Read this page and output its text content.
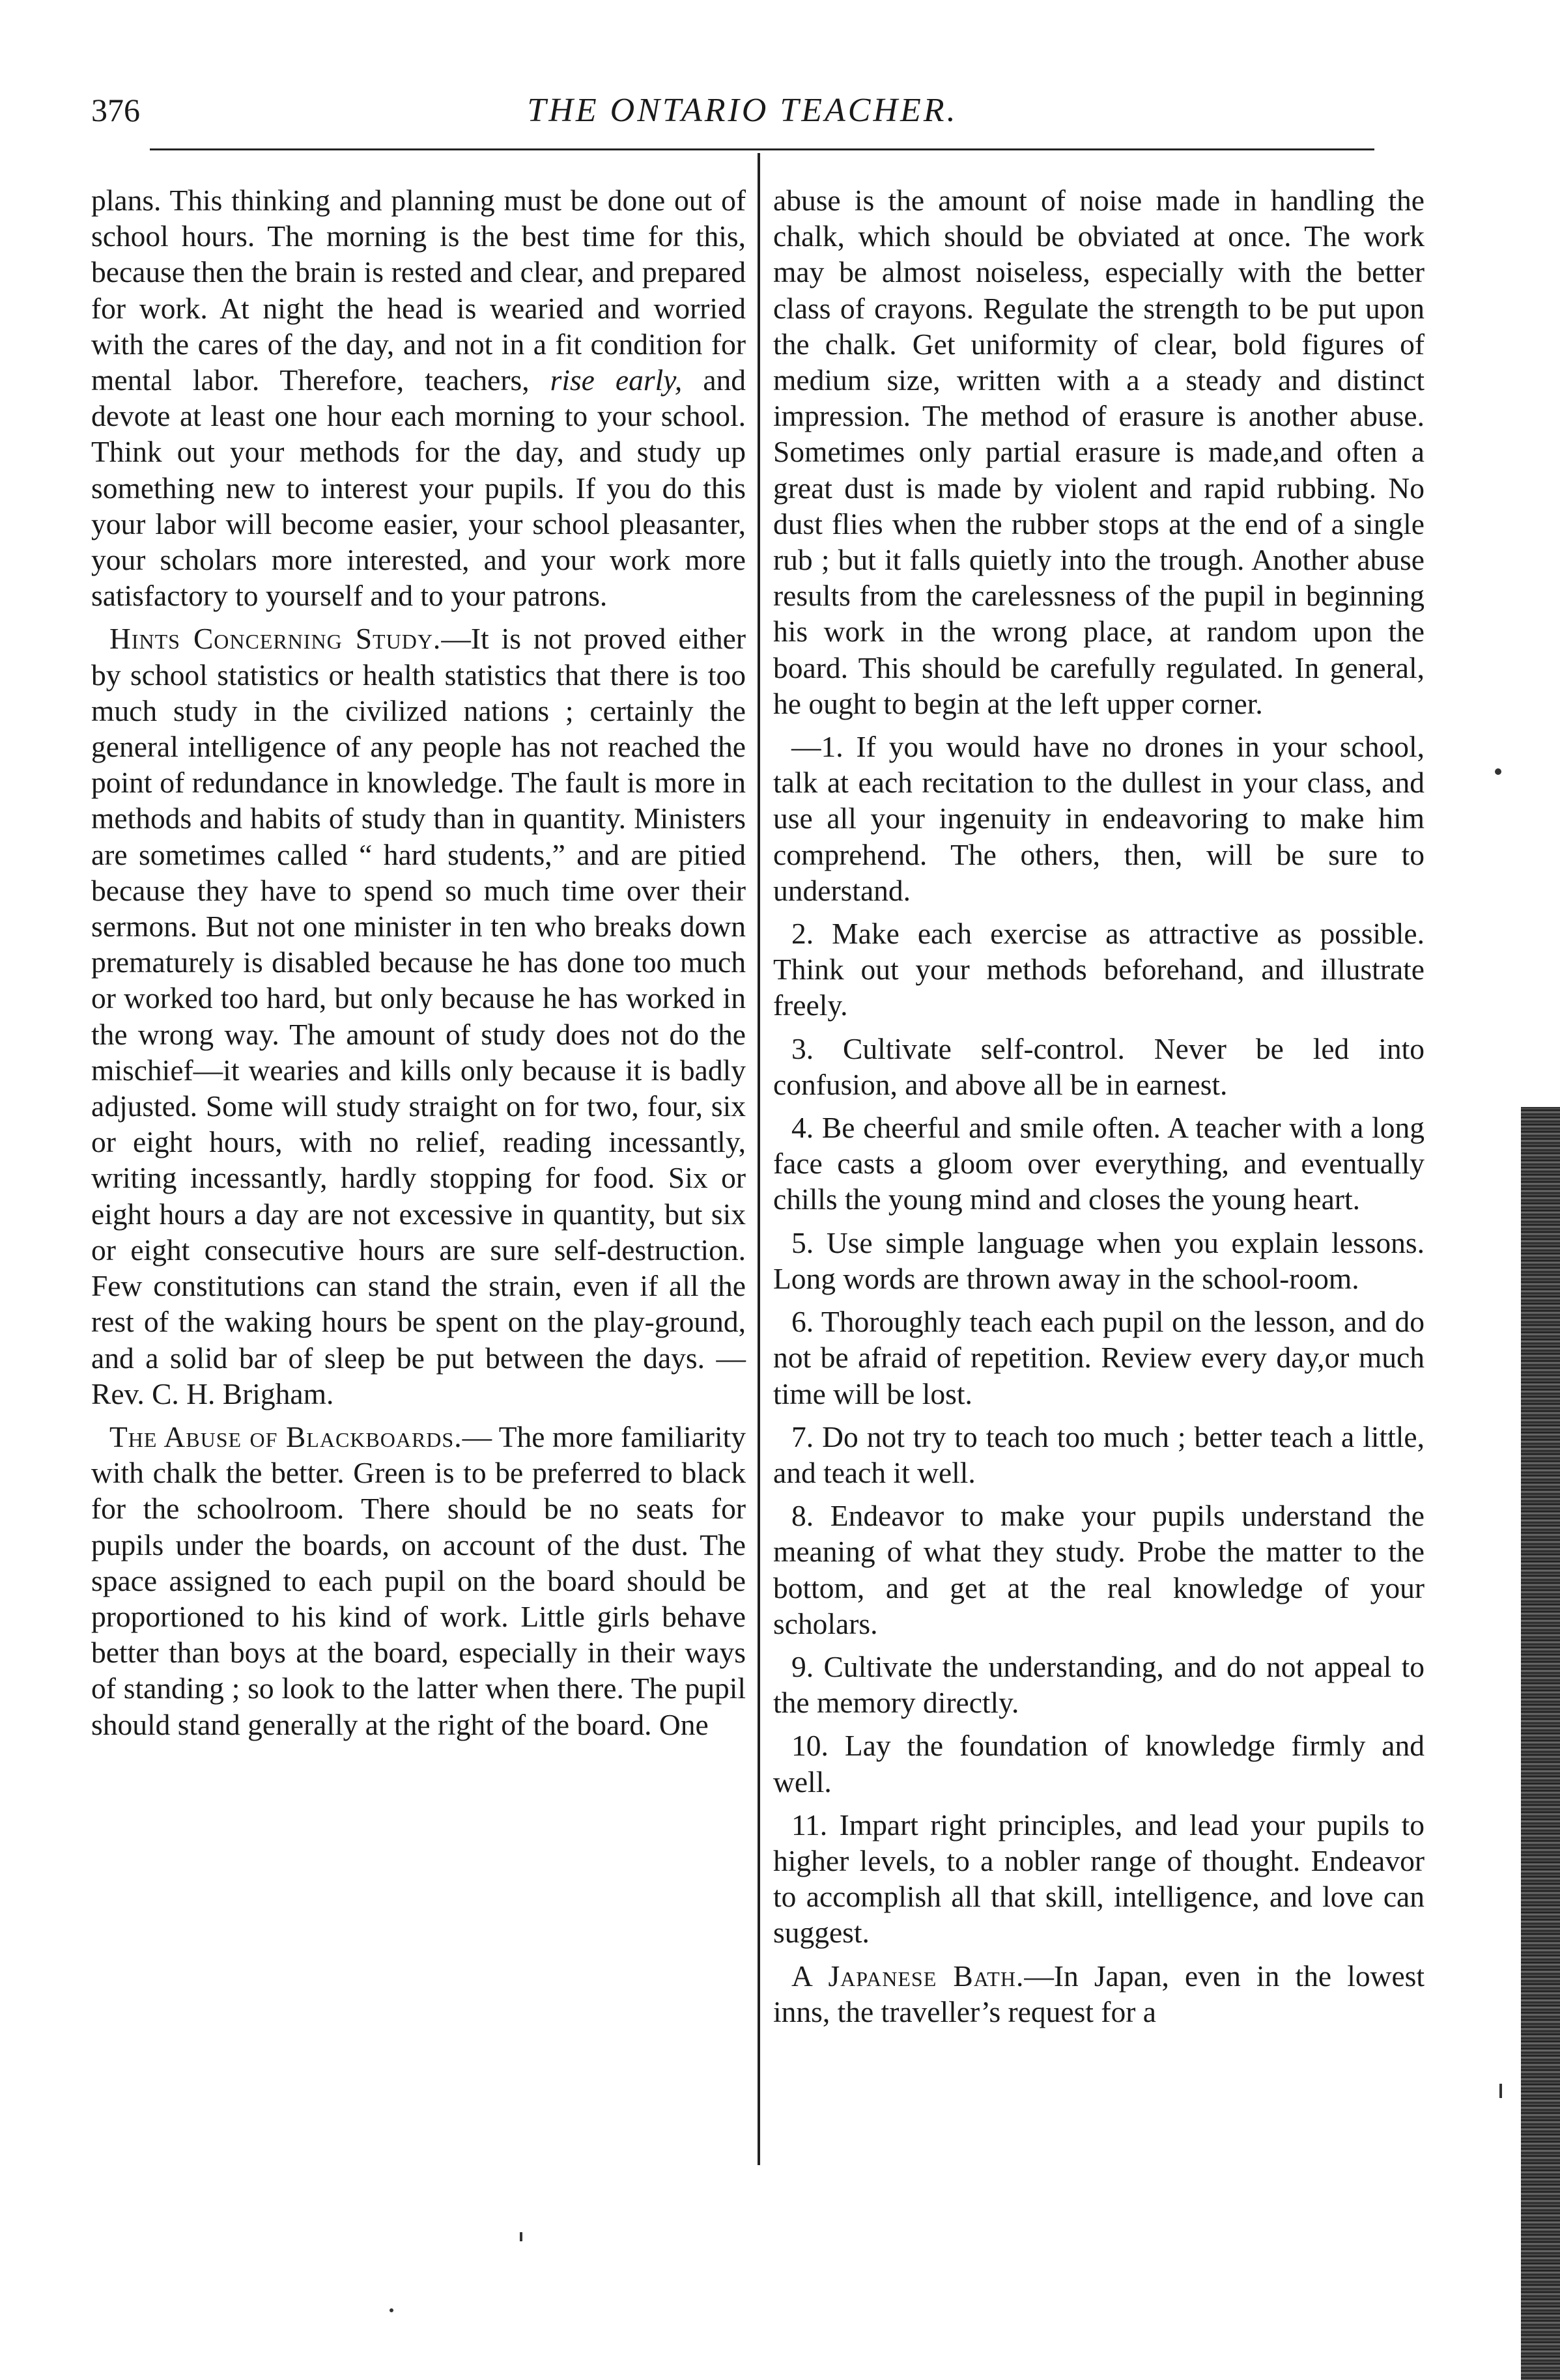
376	THE ONTARIO TEACHER.

plans. This thinking and planning must be done out of school hours. The morning is the best time for this, because then the brain is rested and clear, and prepared for work. At night the head is wearied and worried with the cares of the day, and not in a fit condition for mental labor. Therefore, teachers, rise early, and devote at least one hour each morning to your school. Think out your methods for the day, and study up something new to interest your pupils. If you do this your labor will become easier, your school pleasanter, your scholars more interested, and your work more satisfactory to yourself and to your patrons.

Hints Concerning Study.—It is not proved either by school statistics or health statistics that there is too much study in the civilized nations ; certainly the general intelligence of any people has not reached the point of redundance in knowledge. The fault is more in methods and habits of study than in quantity. Ministers are sometimes called “ hard students,” and are pitied because they have to spend so much time over their sermons. But not one minister in ten who breaks down prematurely is disabled because he has done too much or worked too hard, but only because he has worked in the wrong way. The amount of study does not do the mischief—it wearies and kills only because it is badly adjusted. Some will study straight on for two, four, six or eight hours, with no relief, reading incessantly, writing incessantly, hardly stopping for food. Six or eight hours a day are not excessive in quantity, but six or eight consecutive hours are sure self-destruction. Few constitutions can stand the strain, even if all the rest of the waking hours be spent on the play-ground, and a solid bar of sleep be put between the days. —Rev. C. H. Brigham.

The Abuse of Blackboards.— The more familiarity with chalk the better. Green is to be preferred to black for the schoolroom. There should be no seats for pupils under the boards, on account of the dust. The space assigned to each pupil on the board should be proportioned to his kind of work. Little girls behave better than boys at the board, especially in their ways of standing ; so look to the latter when there. The pupil should stand generally at the right of the board. One

abuse is the amount of noise made in handling the chalk, which should be obviated at once. The work may be almost noiseless, especially with the better class of crayons. Regulate the strength to be put upon the chalk. Get uniformity of clear, bold figures of medium size, written with a a steady and distinct impression. The method of erasure is another abuse. Sometimes only partial erasure is made,and often a great dust is made by violent and rapid rubbing. No dust flies when the rubber stops at the end of a single rub ; but it falls quietly into the trough. Another abuse results from the carelessness of the pupil in beginning his work in the wrong place, at random upon the board. This should be carefully regulated. In general, he ought to begin at the left upper corner.

—1. If you would have no drones in your school, talk at each recitation to the dullest in your class, and use all your ingenuity in endeavoring to make him comprehend. The others, then, will be sure to understand.

2. Make each exercise as attractive as possible. Think out your methods beforehand, and illustrate freely.

3. Cultivate self-control. Never be led into confusion, and above all be in earnest.

4. Be cheerful and smile often. A teacher with a long face casts a gloom over everything, and eventually chills the young mind and closes the young heart.

5. Use simple language when you explain lessons. Long words are thrown away in the school-room.

6. Thoroughly teach each pupil on the lesson, and do not be afraid of repetition. Review every day,or much time will be lost.

7. Do not try to teach too much ; better teach a little, and teach it well.

8. Endeavor to make your pupils understand the meaning of what they study. Probe the matter to the bottom, and get at the real knowledge of your scholars.

9. Cultivate the understanding, and do not appeal to the memory directly.

10. Lay the foundation of knowledge firmly and well.

11. Impart right principles, and lead your pupils to higher levels, to a nobler range of thought. Endeavor to accomplish all that skill, intelligence, and love can suggest.

A Japanese Bath.—In Japan, even in the lowest inns, the traveller’s request for a
